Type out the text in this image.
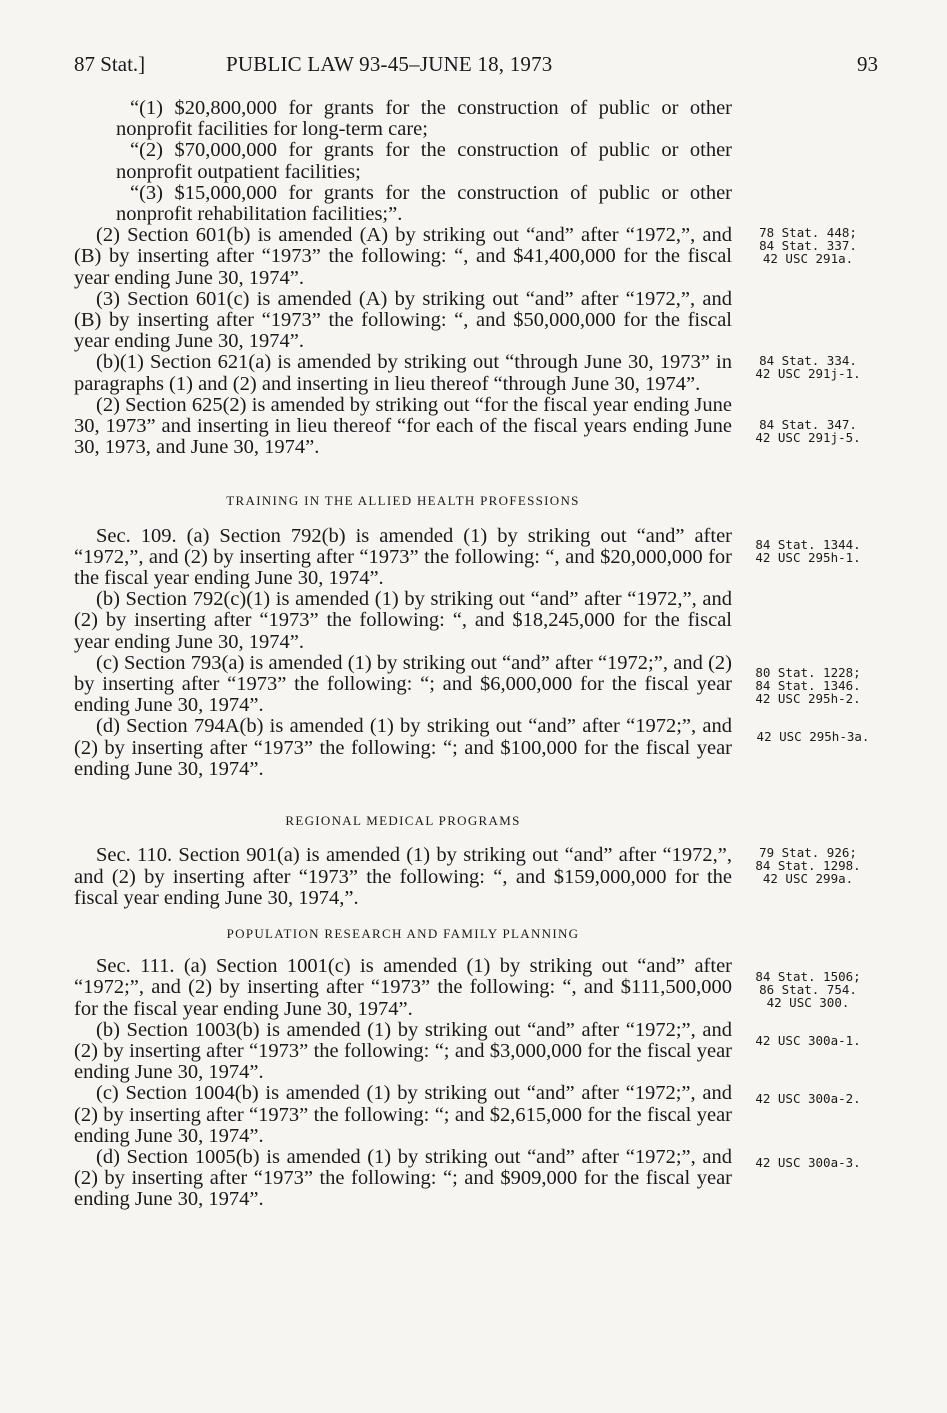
87 Stat.]	PUBLIC LAW 93-45–JUNE 18, 1973	93

“(1) $20,800,000 for grants for the construction of public or other nonprofit facilities for long-term care;

“(2) $70,000,000 for grants for the construction of public or other nonprofit outpatient facilities;

“(3) $15,000,000 for grants for the construction of public or other nonprofit rehabilitation facilities;”.

(2) Section 601(b) is amended (A) by striking out “and” after “1972,”, and (B) by inserting after “1973” the following: “, and $41,400,000 for the fiscal year ending June 30, 1974”.

(3) Section 601(c) is amended (A) by striking out “and” after “1972,”, and (B) by inserting after “1973” the following: “, and $50,000,000 for the fiscal year ending June 30, 1974”.

(b)(1) Section 621(a) is amended by striking out “through June 30, 1973” in paragraphs (1) and (2) and inserting in lieu thereof “through June 30, 1974”.

(2) Section 625(2) is amended by striking out “for the fiscal year ending June 30, 1973” and inserting in lieu thereof “for each of the fiscal years ending June 30, 1973, and June 30, 1974”.

TRAINING IN THE ALLIED HEALTH PROFESSIONS

Sec. 109. (a) Section 792(b) is amended (1) by striking out “and” after “1972,”, and (2) by inserting after “1973” the following: “, and $20,000,000 for the fiscal year ending June 30, 1974”.

(b) Section 792(c)(1) is amended (1) by striking out “and” after “1972,”, and (2) by inserting after “1973” the following: “, and $18,245,000 for the fiscal year ending June 30, 1974”.

(c) Section 793(a) is amended (1) by striking out “and” after “1972;”, and (2) by inserting after “1973” the following: “; and $6,000,000 for the fiscal year ending June 30, 1974”.

(d) Section 794A(b) is amended (1) by striking out “and” after “1972;”, and (2) by inserting after “1973” the following: “; and $100,000 for the fiscal year ending June 30, 1974”.

REGIONAL MEDICAL PROGRAMS

Sec. 110. Section 901(a) is amended (1) by striking out “and” after “1972,”, and (2) by inserting after “1973” the following: “, and $159,000,000 for the fiscal year ending June 30, 1974,”.

POPULATION RESEARCH AND FAMILY PLANNING

Sec. 111. (a) Section 1001(c) is amended (1) by striking out “and” after “1972;”, and (2) by inserting after “1973” the following: “, and $111,500,000 for the fiscal year ending June 30, 1974”.

(b) Section 1003(b) is amended (1) by striking out “and” after “1972;”, and (2) by inserting after “1973” the following: “; and $3,000,000 for the fiscal year ending June 30, 1974”.

(c) Section 1004(b) is amended (1) by striking out “and” after “1972;”, and (2) by inserting after “1973” the following: “; and $2,615,000 for the fiscal year ending June 30, 1974”.

(d) Section 1005(b) is amended (1) by striking out “and” after “1972;”, and (2) by inserting after “1973” the following: “; and $909,000 for the fiscal year ending June 30, 1974”.

78 Stat. 448;
84 Stat. 337.
42 USC 291a.
84 Stat. 334.
42 USC 291j-1.
84 Stat. 347.
42 USC 291j-5.
84 Stat. 1344.
42 USC 295h-1.
80 Stat. 1228;
84 Stat. 1346.
42 USC 295h-2.
42 USC 295h-3a.
79 Stat. 926;
84 Stat. 1298.
42 USC 299a.
84 Stat. 1506;
86 Stat. 754.
42 USC 300.
42 USC 300a-1.
42 USC 300a-2.
42 USC 300a-3.
